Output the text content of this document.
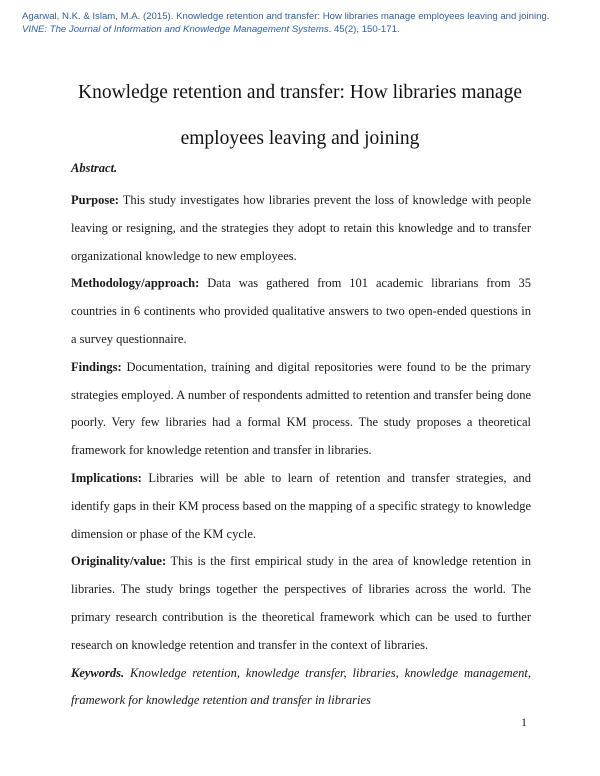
Agarwal, N.K. & Islam, M.A. (2015). Knowledge retention and transfer: How libraries manage employees leaving and joining.
VINE: The Journal of Information and Knowledge Management Systems. 45(2), 150-171.
Knowledge retention and transfer: How libraries manage
employees leaving and joining
Abstract.

Purpose: This study investigates how libraries prevent the loss of knowledge with people leaving or resigning, and the strategies they adopt to retain this knowledge and to transfer organizational knowledge to new employees.

Methodology/approach: Data was gathered from 101 academic librarians from 35 countries in 6 continents who provided qualitative answers to two open-ended questions in a survey questionnaire.

Findings: Documentation, training and digital repositories were found to be the primary strategies employed. A number of respondents admitted to retention and transfer being done poorly. Very few libraries had a formal KM process. The study proposes a theoretical framework for knowledge retention and transfer in libraries.

Implications: Libraries will be able to learn of retention and transfer strategies, and identify gaps in their KM process based on the mapping of a specific strategy to knowledge dimension or phase of the KM cycle.

Originality/value: This is the first empirical study in the area of knowledge retention in libraries. The study brings together the perspectives of libraries across the world. The primary research contribution is the theoretical framework which can be used to further research on knowledge retention and transfer in the context of libraries.

Keywords. Knowledge retention, knowledge transfer, libraries, knowledge management, framework for knowledge retention and transfer in libraries

1
